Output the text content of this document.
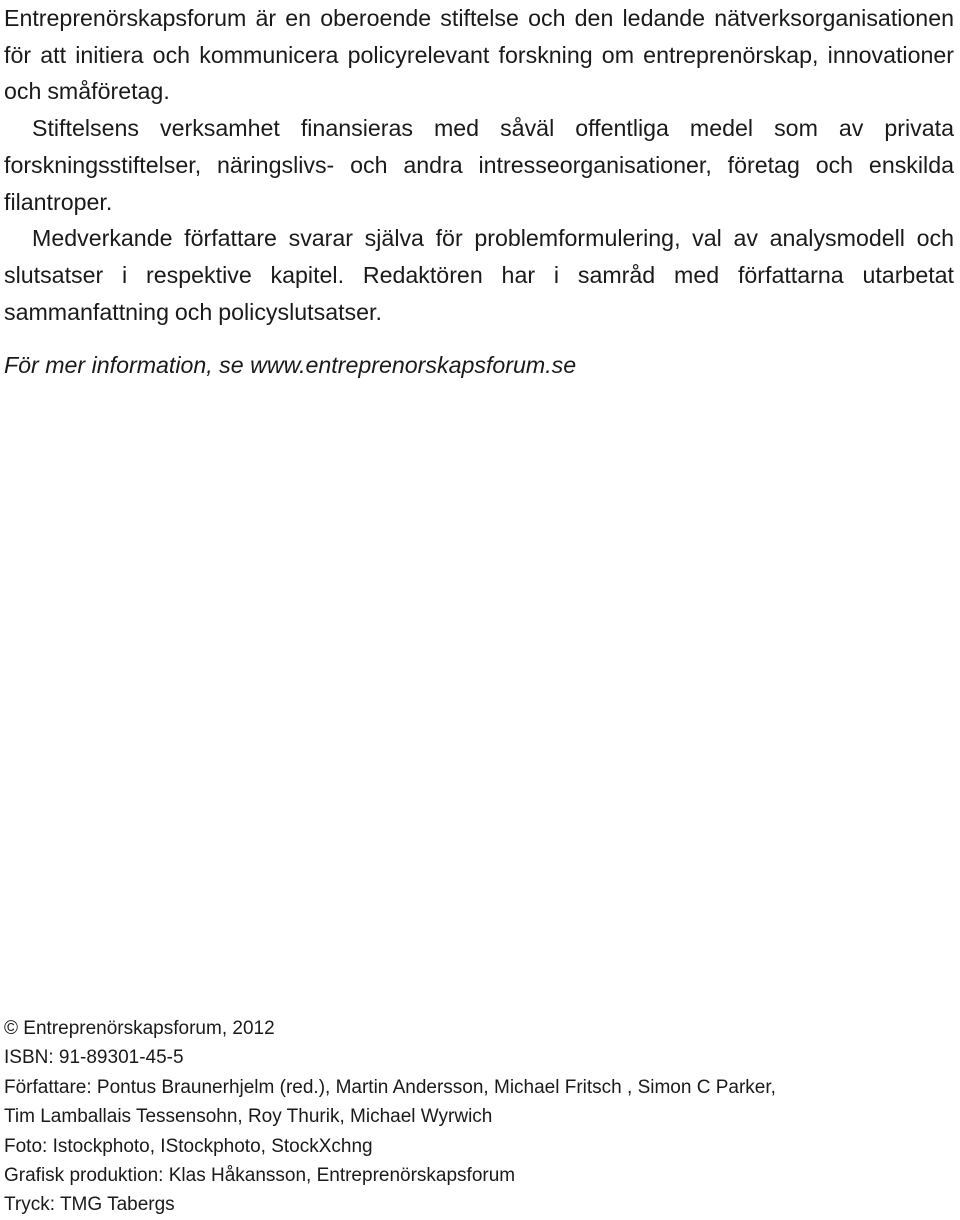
Entreprenörskapsforum är en oberoende stiftelse och den ledande nätverksorganisationen för att initiera och kommunicera policyrelevant forskning om entreprenörskap, innovationer och småföretag.

Stiftelsens verksamhet finansieras med såväl offentliga medel som av privata forskningsstiftelser, näringslivs- och andra intresseorganisationer, företag och enskilda filantroper.

Medverkande författare svarar själva för problemformulering, val av analysmodell och slutsatser i respektive kapitel. Redaktören har i samråd med författarna utarbetat sammanfattning och policyslutsatser.

För mer information, se www.entreprenorskapsforum.se

© Entreprenörskapsforum, 2012
ISBN: 91-89301-45-5
Författare: Pontus Braunerhjelm (red.), Martin Andersson, Michael Fritsch , Simon C Parker,
Tim Lamballais Tessensohn, Roy Thurik, Michael Wyrwich
Foto: Istockphoto, IStockphoto, StockXchng
Grafisk produktion: Klas Håkansson, Entreprenörskapsforum
Tryck: TMG Tabergs
